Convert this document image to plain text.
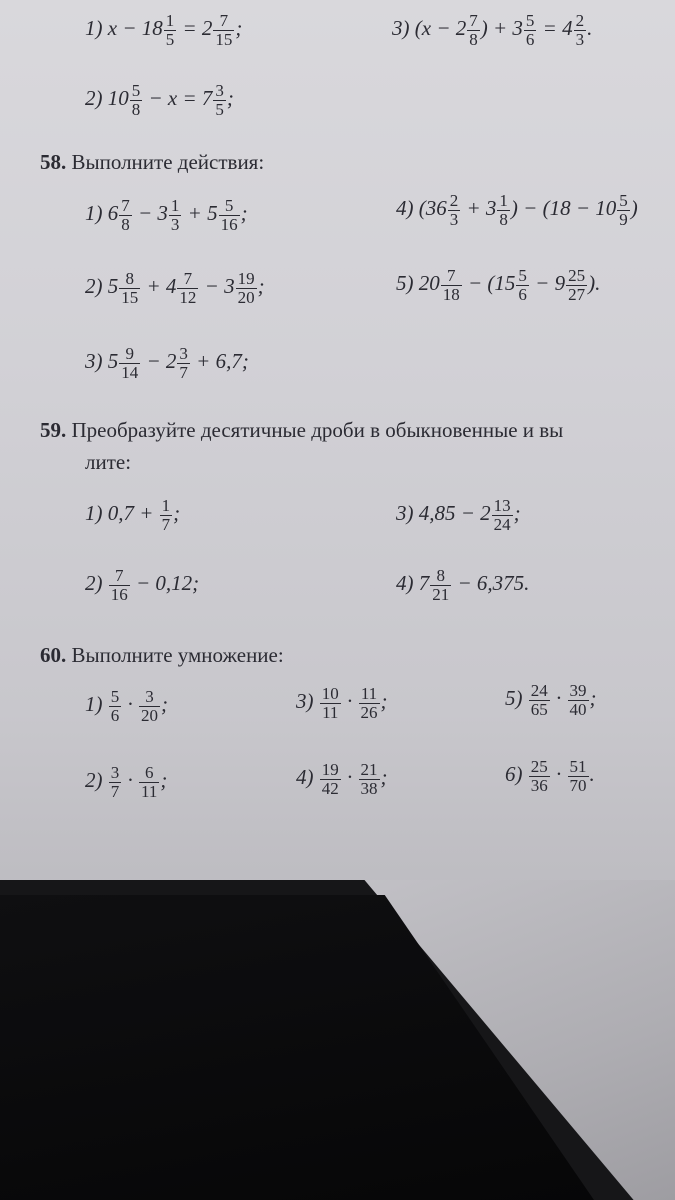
1) $x - 18 \frac{1}{5} = 2 \frac{7}{15}$ ;
2) $10 \frac{5}{8} - x = 7 \frac{3}{5}$ ;
3) ($x - 2 \frac{7}{8}$ ) + $3 \frac{5}{6} = 4 \frac{2}{3}$ .
58. Выполните действия:
1) $6 \frac{7}{8} - 3 \frac{1}{3} + 5 \frac{5}{16}$ ;
2) $5 \frac{8}{15} + 4 \frac{7}{12} - 3 \frac{19}{20}$ ;
3) $5 \frac{9}{14} - 2 \frac{3}{7} + 6,7$;
4) ($36 \frac{2}{3} + 3 \frac{1}{8}$ ) − ($18 - 10 \frac{5}{9}$ )
5) $20 \frac{7}{18} - (15 \frac{5}{6} - 9 \frac{25}{27}$ ).
59. Преобразуйте десятичные дроби в обыкновенные и вы
лите:
1) $0,7 + \frac{1}{7}$ ;
$2) \frac{7}{16} - 0,12$;
3) $4,85 - 2 \frac{13}{24}$ ;
4) $7 \frac{8}{21} - 6,375$.
60. Выполните умножение:
$1) \frac{5}{6} \cdot \frac{3}{20}$ ;
$2) \frac{3}{7} \cdot \frac{6}{11}$ ;
$3) \frac{10}{11} \cdot \frac{11}{26}$ ;
$4) \frac{19}{42} \cdot \frac{21}{38}$ ;
$5) \frac{24}{65} \cdot \frac{39}{40}$ ;
$6) \frac{25}{36} \cdot \frac{51}{70}$ .
